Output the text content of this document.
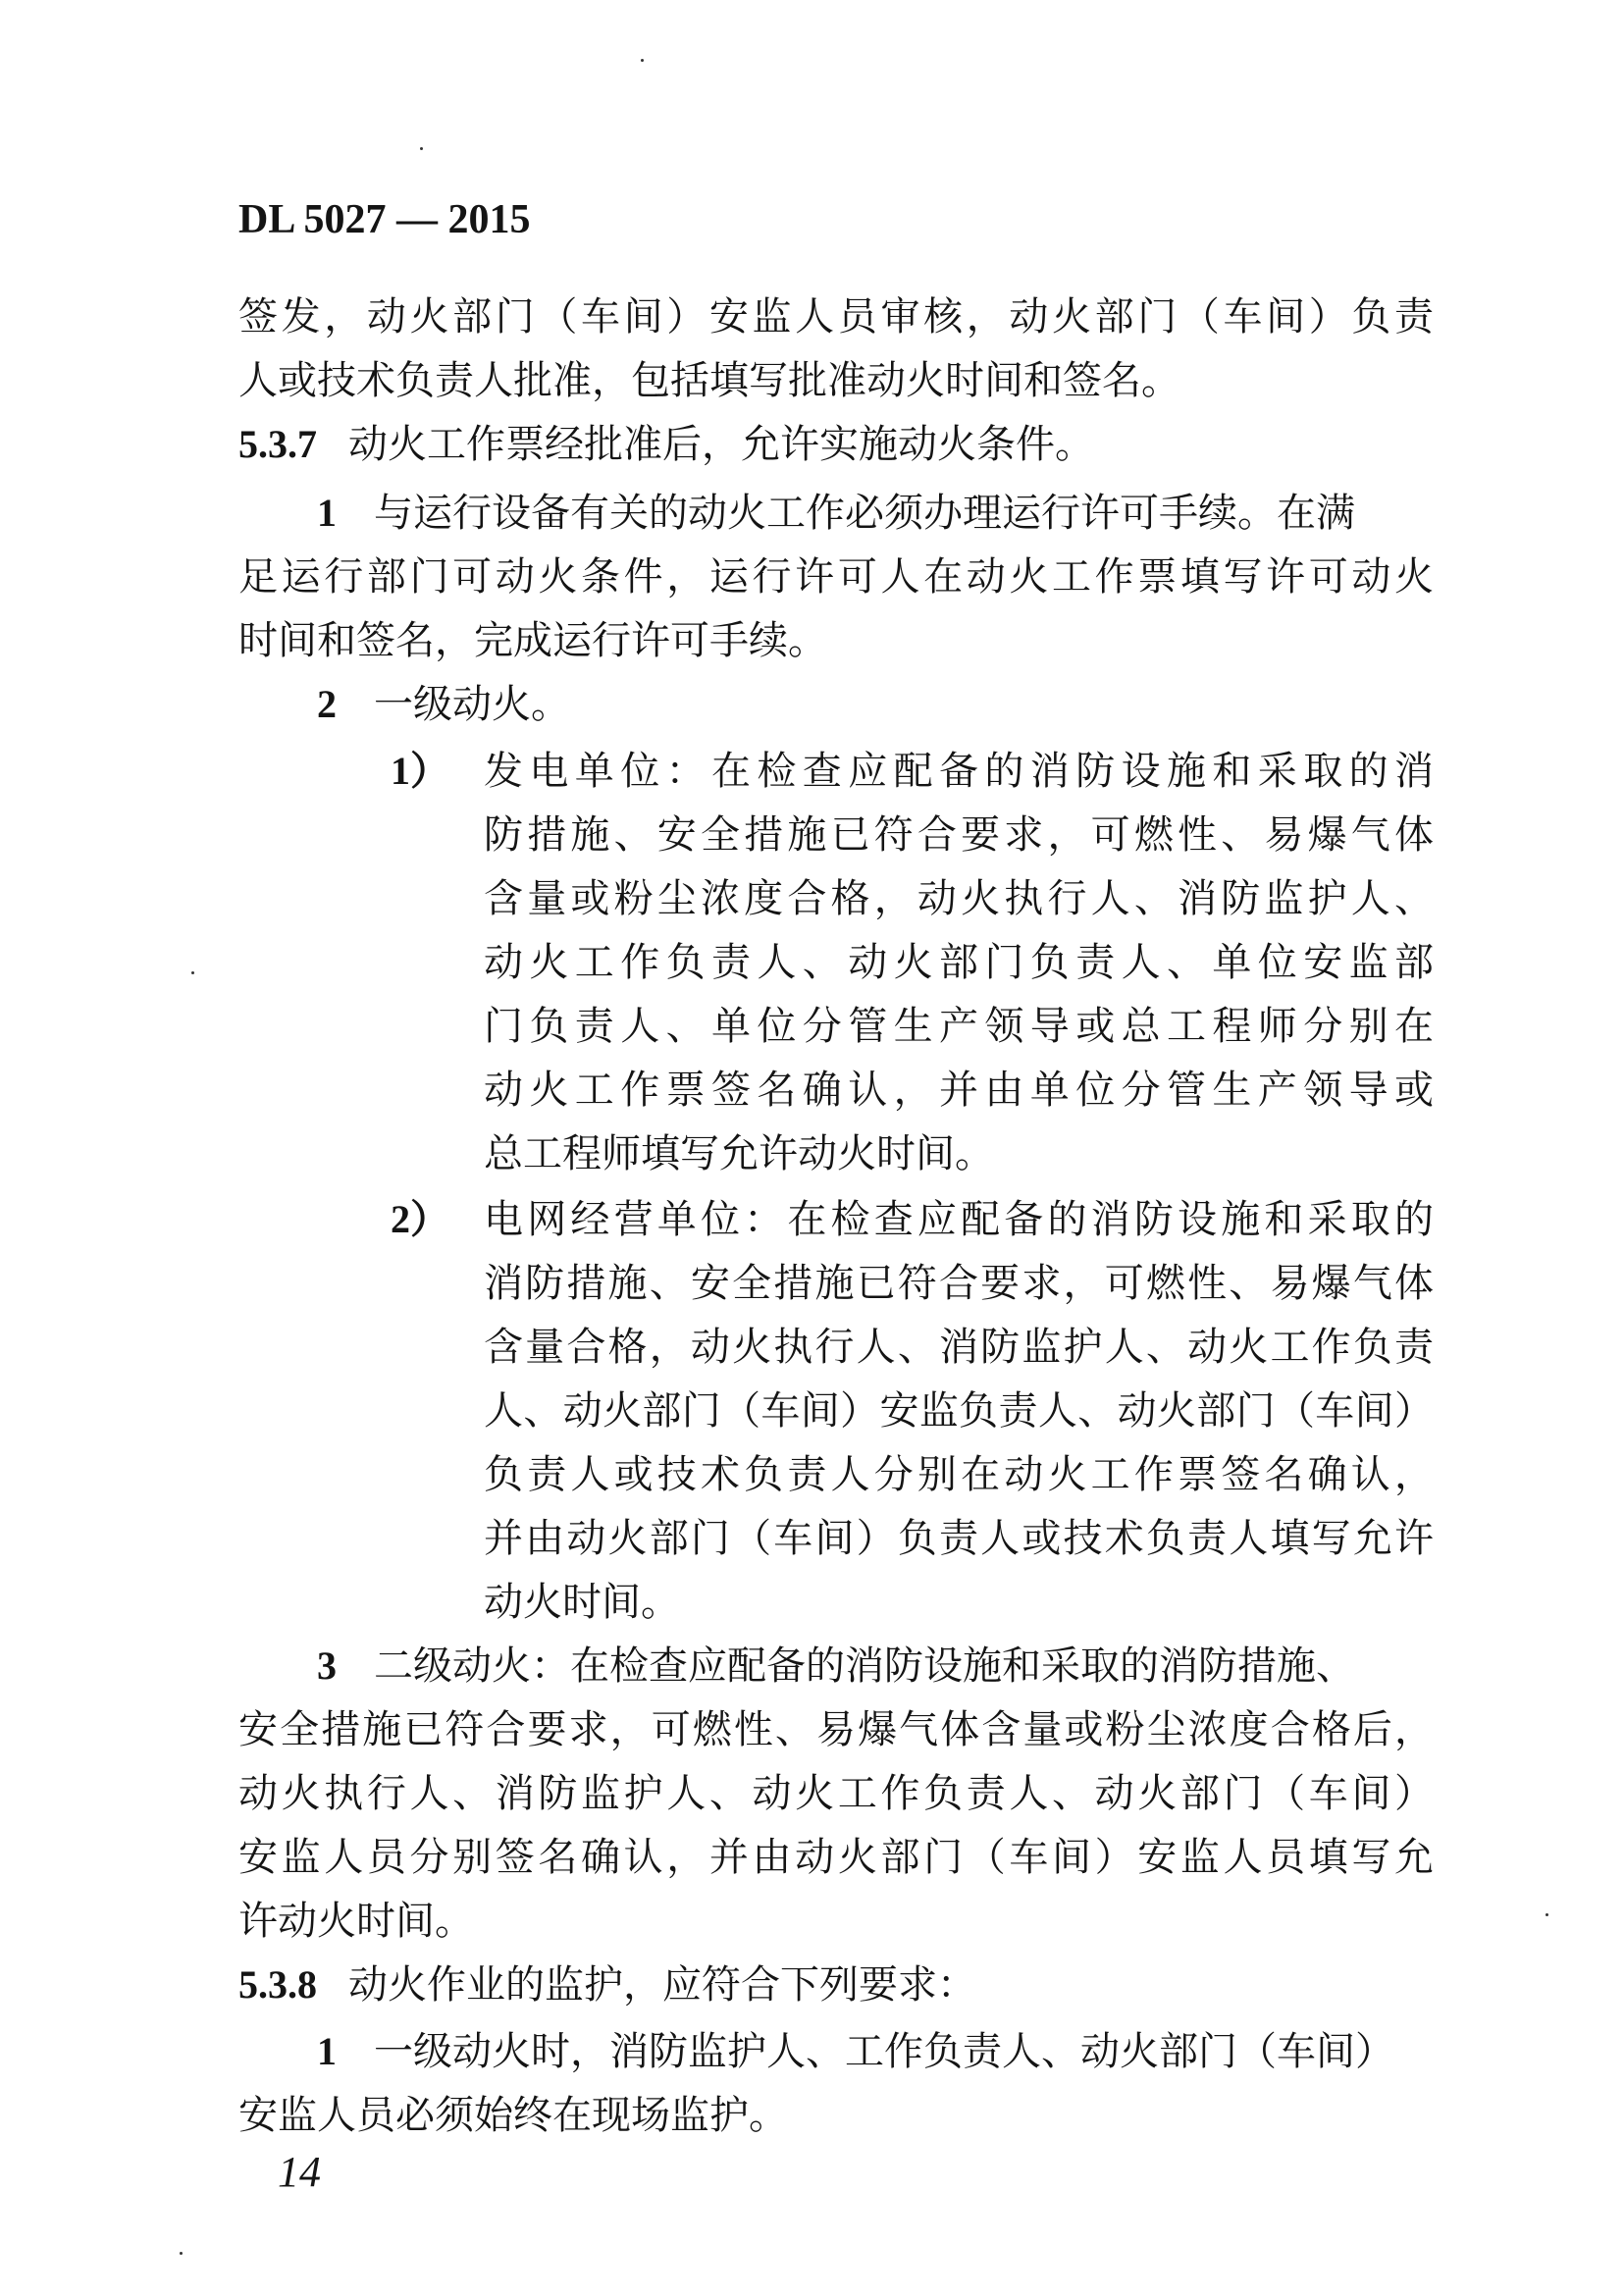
DL 5027 — 2015
签发，动火部门（车间）安监人员审核，动火部门（车间）负责
人或技术负责人批准，包括填写批准动火时间和签名。
5.3.7 动火工作票经批准后，允许实施动火条件。
1 与运行设备有关的动火工作必须办理运行许可手续。在满
足运行部门可动火条件，运行许可人在动火工作票填写许可动火
时间和签名，完成运行许可手续。
2 一级动火。
1） 发电单位：在检查应配备的消防设施和采取的消
防措施、安全措施已符合要求，可燃性、易爆气体
含量或粉尘浓度合格，动火执行人、消防监护人、
动火工作负责人、动火部门负责人、单位安监部
门负责人、单位分管生产领导或总工程师分别在
动火工作票签名确认，并由单位分管生产领导或
总工程师填写允许动火时间。
2） 电网经营单位：在检查应配备的消防设施和采取的
消防措施、安全措施已符合要求，可燃性、易爆气体
含量合格，动火执行人、消防监护人、动火工作负责
人、动火部门（车间）安监负责人、动火部门（车间）
负责人或技术负责人分别在动火工作票签名确认，
并由动火部门（车间）负责人或技术负责人填写允许
动火时间。
3 二级动火：在检查应配备的消防设施和采取的消防措施、
安全措施已符合要求，可燃性、易爆气体含量或粉尘浓度合格后，
动火执行人、消防监护人、动火工作负责人、动火部门（车间）
安监人员分别签名确认，并由动火部门（车间）安监人员填写允
许动火时间。
5.3.8 动火作业的监护，应符合下列要求：
1 一级动火时，消防监护人、工作负责人、动火部门（车间）
安监人员必须始终在现场监护。
14
